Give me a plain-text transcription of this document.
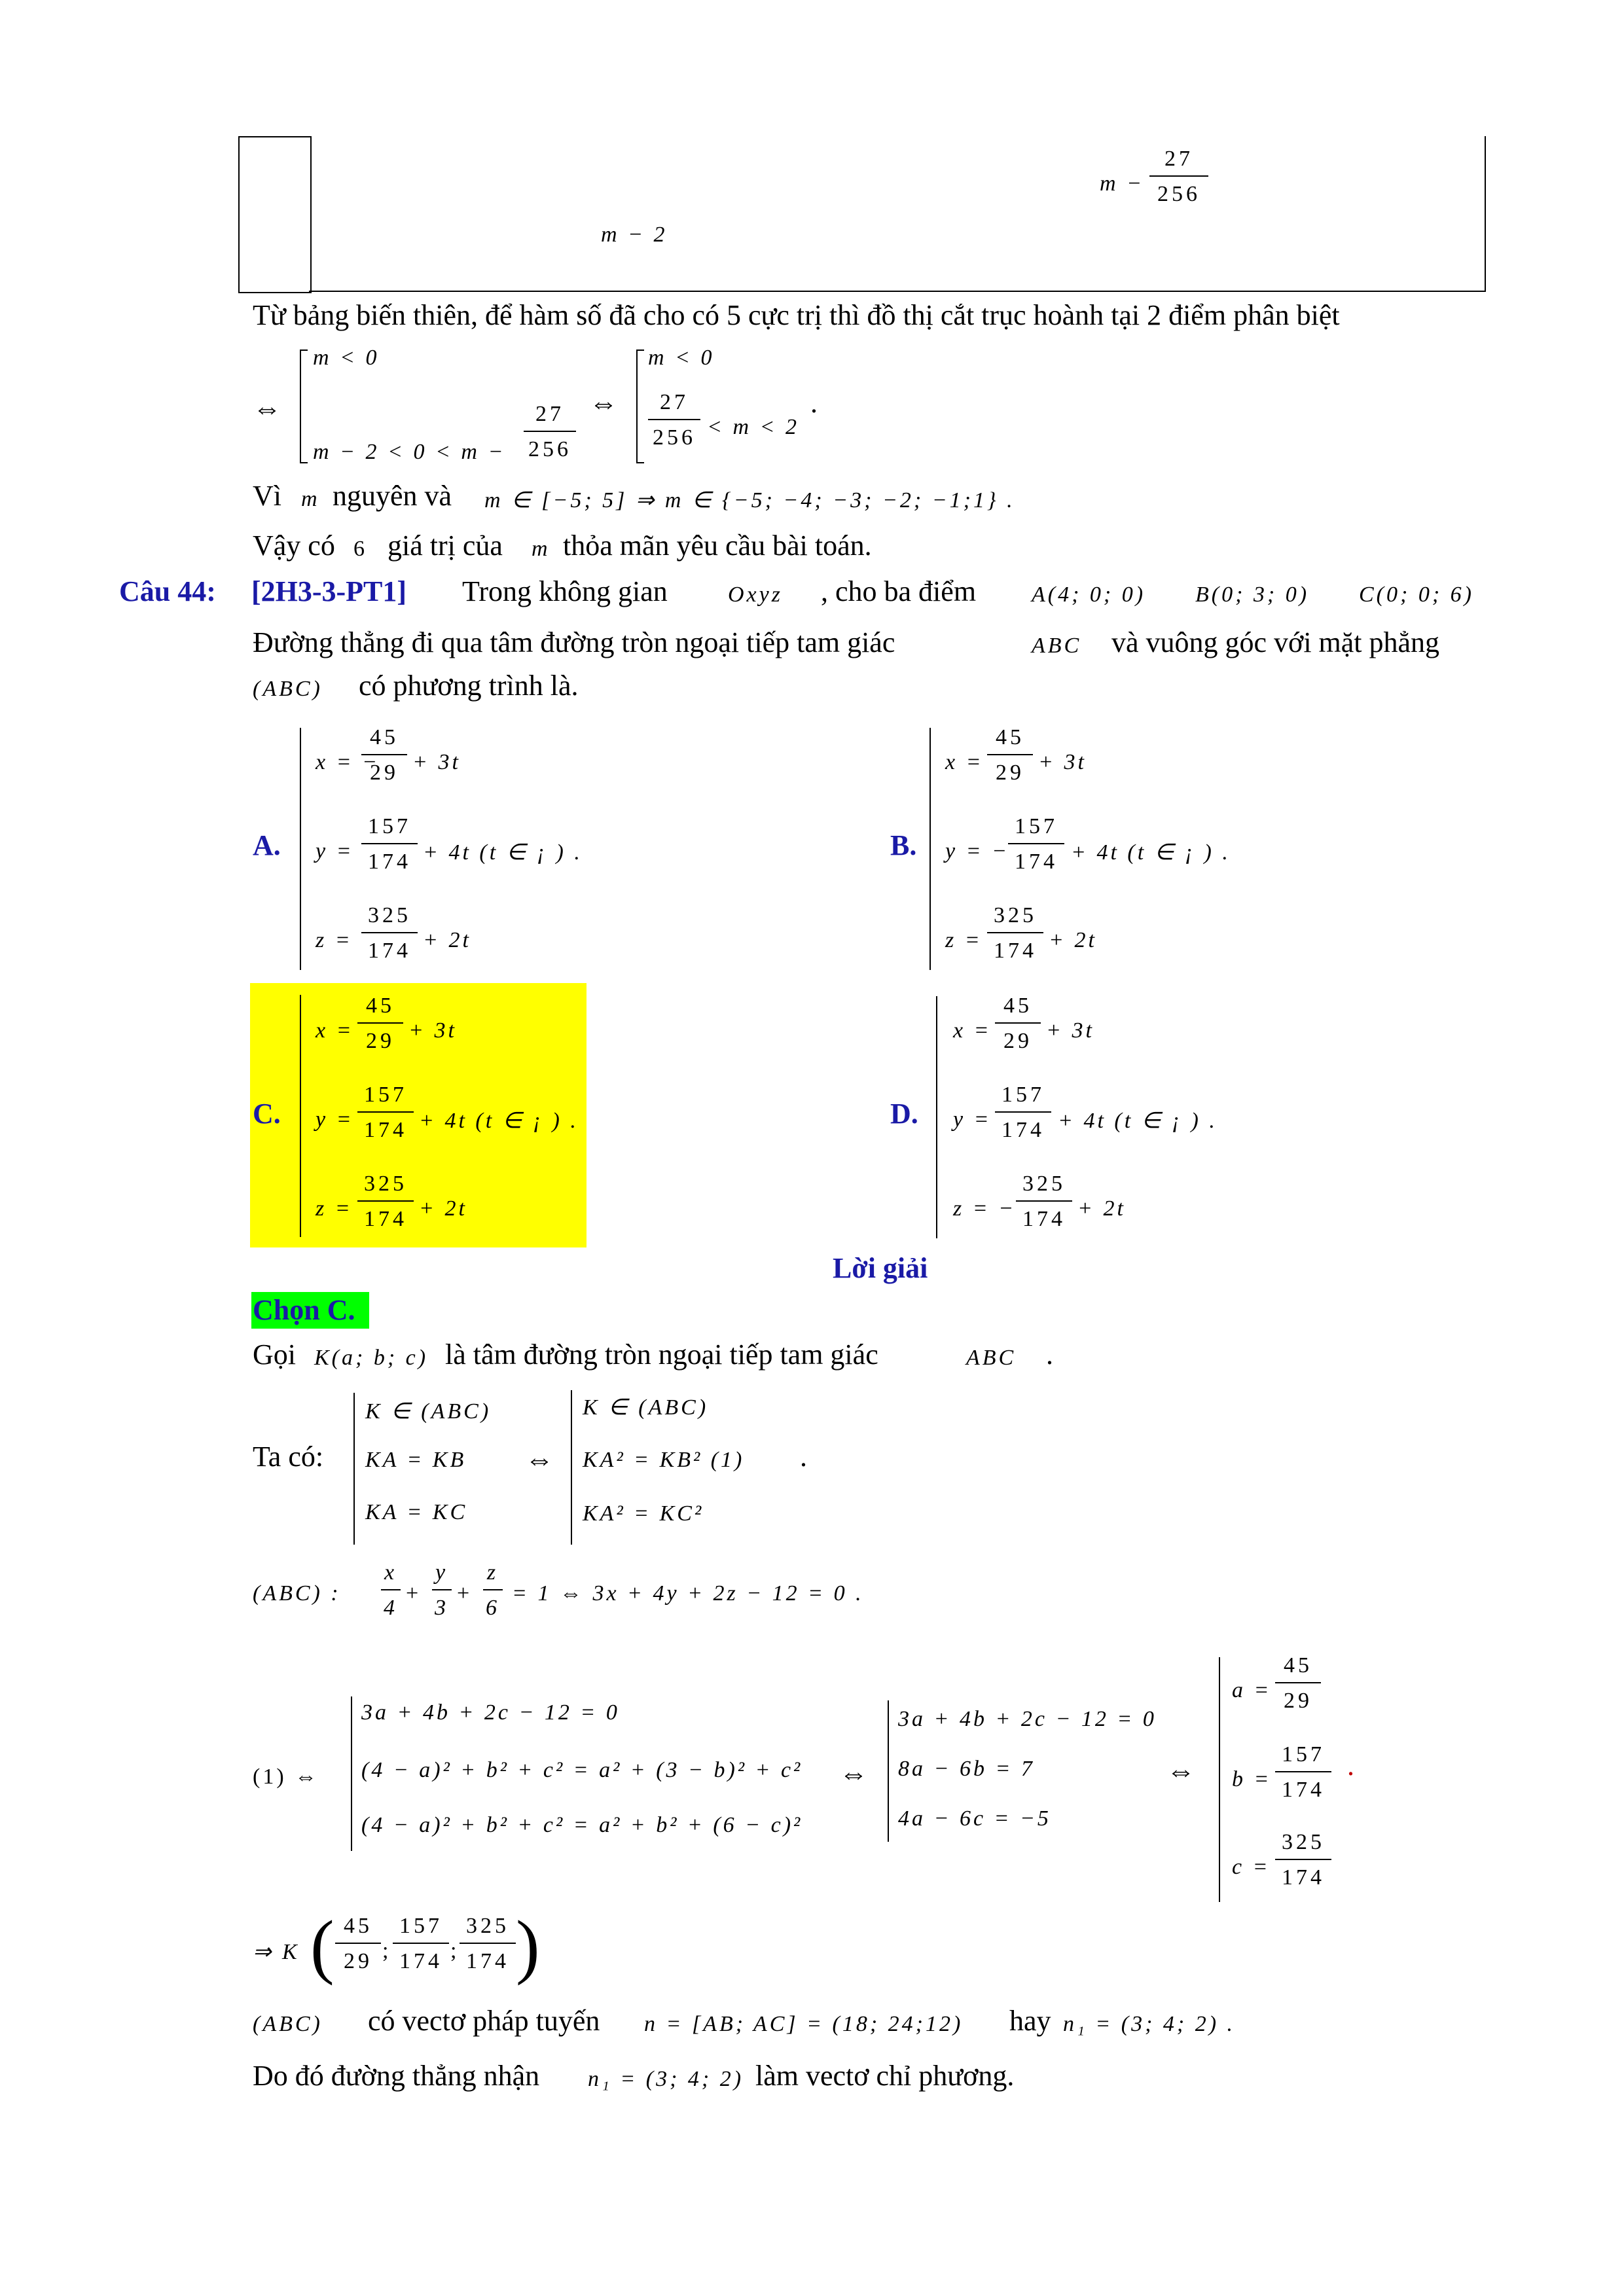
$m - \frac{27}{256}$
m − 2
Từ bảng biến thiên, để hàm số đã cho có 5 cực trị thì đồ thị cắt trục hoành tại 2 điểm phân biệt
⇔
m < 0
$m - 2 < 0 < m - \frac{27}{256}$ ⇔
m < 0
$\frac{27}{256} < m < 2$
.
Vì m nguyên và m ∈ [−5; 5] ⇒ m ∈ {−5; −4; −3; −2; −1;1} .
Vậy có 6 giá trị của m thỏa mãn yêu cầu bài toán.
Câu 44: [2H3-3-PT1] Trong không gian	Oxyz , cho ba điểm A(4; 0; 0) B(0; 3; 0) C(0; 0; 6)
Đường thẳng đi qua tâm đường tròn ngoại tiếp tam giác	ABC và vuông góc với mặt phẳng
(ABC) có phương trình là.
A.
x = −
$\frac{45}{29} + 3t$
$y = \frac{157}{174} + 4t$ (t ∈ ¡ ) .
$z = \frac{325}{174} + 2t$
B.
$x = \frac{45}{29} + 3t$
y = −
$\frac{157}{174} + 4t$ (t ∈ ¡ ) .
$z = \frac{325}{174} + 2t$
C.
$x = \frac{45}{29} + 3t$
$y = \frac{157}{174} + 4t$ (t ∈ ¡ ) .
$z = \frac{325}{174} + 2t$
D.
$x = \frac{45}{29} + 3t$
$y = \frac{157}{174} + 4t$ (t ∈ ¡ ) .
z = − $\frac{325}{174} + 2t$
Lời giải
Chọn C.
Gọi K(a; b; c) là tâm đường tròn ngoại tiếp tam giác	ABC .
Ta có:
K ∈ (ABC)
KA = KB
KA = KC
⇔
K ∈ (ABC)
KA² = KB² (1)
KA² = KC²
.
(ABC) : $\frac{x}{4} + \frac{y}{3} + \frac{z}{6} = 1$ ⇔ 3x + 4y + 2z − 12 = 0 .
(1) ⇔
3a + 4b + 2c − 12 = 0
(4 − a)² + b² + c² = a² + (3 − b)² + c²
(4 − a)² + b² + c² = a² + b² + (6 − c)²
⇔
3a + 4b + 2c − 12 = 0
8a − 6b = 7
4a − 6c = −5
⇔
$a = \frac{45}{29}$
$b = \frac{157}{174}$ .
$c = \frac{325}{174}$
⇒ K ( $\frac{45}{29}$ ; $\frac{157}{174}$ ; $\frac{325}{174}$ )
(ABC) có vectơ pháp tuyến n = [AB; AC] = (18; 24;12) hay n₁ = (3; 4; 2) .
Do đó đường thẳng nhận n₁ = (3; 4; 2) làm vectơ chỉ phương.
